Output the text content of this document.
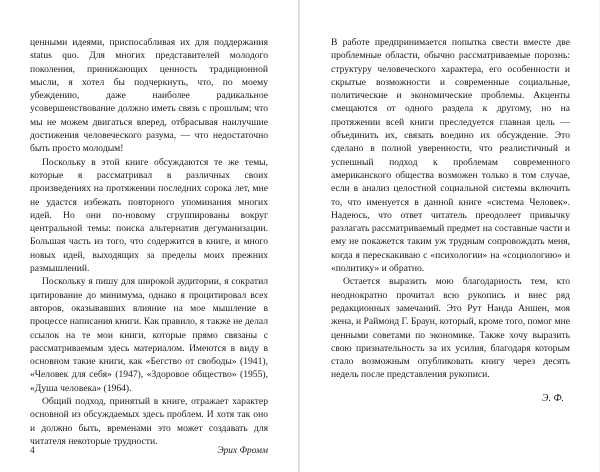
ценными идеями, приспосабливая их для поддержания status quo. Для многих представителей молодого поколения, принижающих ценность традиционной мысли, я хотел бы подчеркнуть, что, по моему убеждению, даже наиболее радикальное усовершенствование должно иметь связь с прошлым; что мы не можем двигаться вперед, отбрасывая наилучшие достижения человеческого разума, — что недостаточно быть просто молодым!

Поскольку в этой книге обсуждаются те же темы, которые я рассматривал в различных своих произведениях на протяжении последних сорока лет, мне не удастся избежать повторного упоминания многих идей. Но они по-новому сгруппированы вокруг центральной темы: поиска альтернатив дегуманизации. Большая часть из того, что содержится в книге, и много новых идей, выходящих за пределы моих прежних размышлений.

Поскольку я пишу для широкой аудитории, я сократил цитирование до минимума, однако я процитировал всех авторов, оказывавших влияние на мое мышление в процессе написания книги. Как правило, я также не делал ссылок на те мои книги, которые прямо связаны с рассматриваемым здесь материалом. Имеются в виду в основном такие книги, как «Бегство от свободы» (1941), «Человек для себя» (1947), «Здоровое общество» (1955), «Душа человека» (1964).

Общий подход, принятый в книге, отражает характер основной из обсуждаемых здесь проблем. И хотя так оно и должно быть, временами это может создавать для читателя некоторые трудности.

4	Эрих Фромм

В работе предпринимается попытка свести вместе две проблемные области, обычно рассматриваемые порознь: структуру человеческого характера, его особенности и скрытые возможности и современные социальные, политические и экономические проблемы. Акценты смещаются от одного раздела к другому, но на протяжении всей книги преследуется главная цель — объединить их, связать воедино их обсуждение. Это сделано в полной уверенности, что реалистичный и успешный подход к проблемам современного американского общества возможен только в том случае, если в анализ целостной социальной системы включить то, что именуется в данной книге «система Человек». Надеюсь, что ответ читатель преодолеет привычку разлагать рассматриваемый предмет на составные части и ему не покажется таким уж трудным сопровождать меня, когда я перескакиваю с «психологии» на «социологию» и «политику» и обратно.

Остается выразить мою благодарность тем, кто неоднократно прочитал всю рукопись и внес ряд редакционных замечаний. Это Рут Нанда Аншен, моя жена, и Раймонд Г. Браун, который, кроме того, помог мне ценными советами по экономике. Также хочу выразить свою признательность за их усилия, благодаря которым стало возможным опубликовать книгу через десять недель после представления рукописи.

Э. Ф.
